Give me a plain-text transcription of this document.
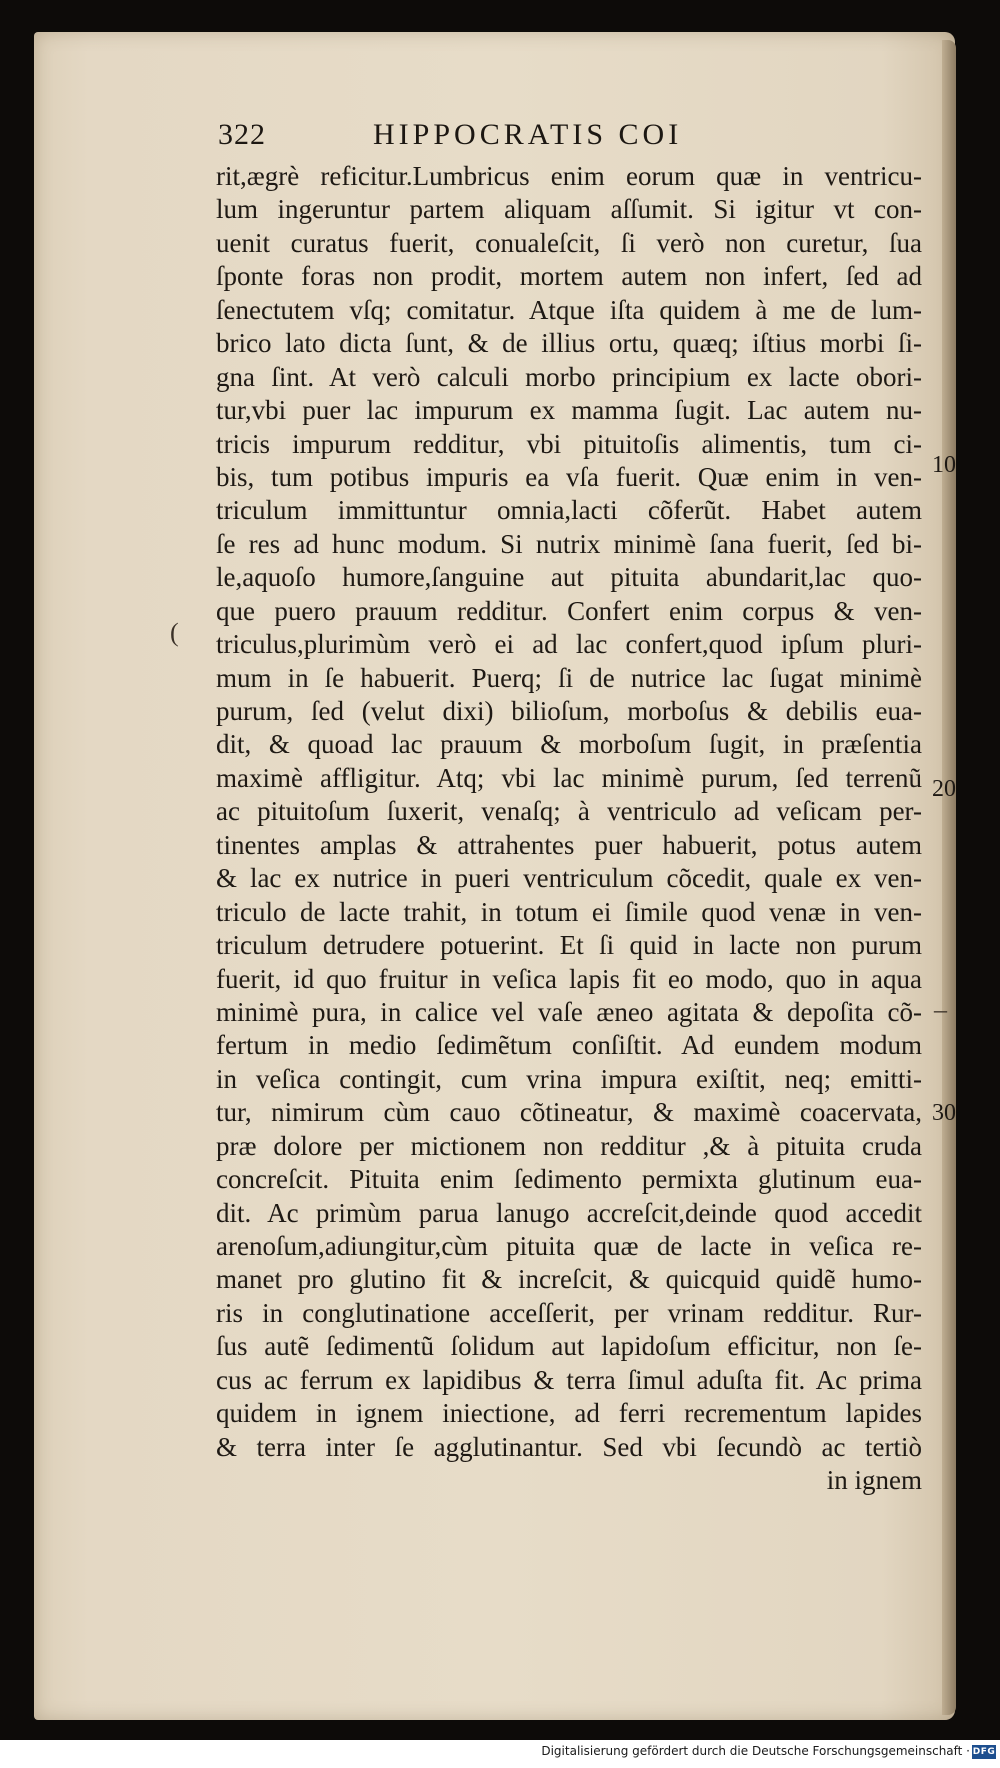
322	HIPPOCRATIS COI
rit,ægrè reficitur.Lumbricus enim eorum quæ in ventricu-
lum ingeruntur partem aliquam aſſumit. Si igitur vt con-
uenit curatus fuerit, conualeſcit, ſi verò non curetur, ſua
ſponte foras non prodit, mortem autem non infert, ſed ad
ſenectutem vſq; comitatur. Atque iſta quidem à me de lum-
brico lato dicta ſunt, & de illius ortu, quæq; iſtius morbi ſi-
gna ſint. At verò calculi morbo principium ex lacte obori-
tur,vbi puer lac impurum ex mamma ſugit. Lac autem nu-
tricis impurum redditur, vbi pituitoſis alimentis, tum ci-
bis, tum potibus impuris ea vſa fuerit. Quæ enim in ven-
triculum immittuntur omnia,lacti cõferũt. Habet autem
ſe res ad hunc modum. Si nutrix minimè ſana fuerit, ſed bi-
le,aquoſo humore,ſanguine aut pituita abundarit,lac quo-
que puero prauum redditur. Confert enim corpus & ven-
triculus,plurimùm verò ei ad lac confert,quod ipſum pluri-
mum in ſe habuerit. Puerq; ſi de nutrice lac ſugat minimè
purum, ſed (velut dixi) bilioſum, morboſus & debilis eua-
dit, & quoad lac prauum & morboſum ſugit, in præſentia
maximè affligitur. Atq; vbi lac minimè purum, ſed terrenũ
ac pituitoſum ſuxerit, venaſq; à ventriculo ad veſicam per-
tinentes amplas & attrahentes puer habuerit, potus autem
& lac ex nutrice in pueri ventriculum cõcedit, quale ex ven-
triculo de lacte trahit, in totum ei ſimile quod venæ in ven-
triculum detrudere potuerint. Et ſi quid in lacte non purum
fuerit, id quo fruitur in veſica lapis fit eo modo, quo in aqua
minimè pura, in calice vel vaſe æneo agitata & depoſita cõ-
fertum in medio ſedimẽtum conſiſtit. Ad eundem modum
in veſica contingit, cum vrina impura exiſtit, neq; emitti-
tur, nimirum cùm cauo cõtineatur, & maximè coacervata,
præ dolore per mictionem non redditur ,& à pituita cruda
concreſcit. Pituita enim ſedimento permixta glutinum eua-
dit. Ac primùm parua lanugo accreſcit,deinde quod accedit
arenoſum,adiungitur,cùm pituita quæ de lacte in veſica re-
manet pro glutino fit & increſcit, & quicquid quidẽ humo-
ris in conglutinatione acceſſerit, per vrinam redditur. Rur-
ſus autẽ ſedimentũ ſolidum aut lapidoſum efficitur, non ſe-
cus ac ferrum ex lapidibus & terra ſimul aduſta fit. Ac prima
quidem in ignem iniectione, ad ferri recrementum lapides
& terra inter ſe agglutinantur. Sed vbi ſecundò ac tertiò
in ignem
10
20
30
(
–
Digitalisierung gefördert durch die Deutsche Forschungsgemeinschaft · DFG
